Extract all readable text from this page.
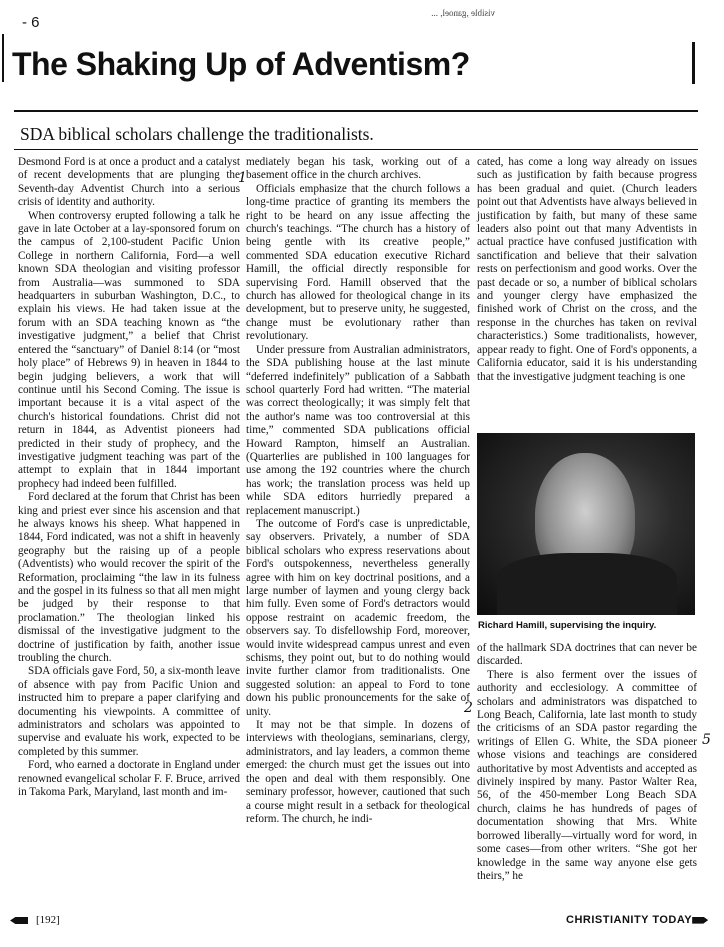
- 6
visible ,ganoel, ...
The Shaking Up of Adventism?
SDA biblical scholars challenge the traditionalists.

Desmond Ford is at once a product and a catalyst of recent developments that are plunging the Seventh-day Adventist Church into a serious crisis of identity and authority.

When controversy erupted following a talk he gave in late October at a lay-sponsored forum on the campus of 2,100-student Pacific Union College in northern California, Ford—a well known SDA theologian and visiting professor from Australia—was summoned to SDA headquarters in suburban Washington, D.C., to explain his views. He had taken issue at the forum with an SDA teaching known as “the investigative judgment,” a belief that Christ entered the “sanctuary” of Daniel 8:14 (or “most holy place” of Hebrews 9) in heaven in 1844 to begin judging believers, a work that will continue until his Second Coming. The issue is important because it is a vital aspect of the church's historical foundations. Christ did not return in 1844, as Adventist pioneers had predicted in their study of prophecy, and the investigative judgment teaching was part of the attempt to explain that in 1844 important prophecy had indeed been fulfilled.

Ford declared at the forum that Christ has been king and priest ever since his ascension and that he always knows his sheep. What happened in 1844, Ford indicated, was not a shift in heavenly geography but the raising up of a people (Adventists) who would recover the spirit of the Reformation, proclaiming “the law in its fulness and the gospel in its fulness so that all men might be judged by their response to that proclamation.” The theologian linked his dismissal of the investigative judgment to the doctrine of justification by faith, another issue troubling the church.

SDA officials gave Ford, 50, a six-month leave of absence with pay from Pacific Union and instructed him to prepare a paper clarifying and documenting his viewpoints. A committee of administrators and scholars was appointed to supervise and evaluate his work, expected to be completed by this summer.

Ford, who earned a doctorate in England under renowned evangelical scholar F. F. Bruce, arrived in Takoma Park, Maryland, last month and im-

mediately began his task, working out of a basement office in the church archives.

Officials emphasize that the church follows a long-time practice of granting its members the right to be heard on any issue affecting the church's teachings. “The church has a history of being gentle with its creative people,” commented SDA education executive Richard Hamill, the official directly responsible for supervising Ford. Hamill observed that the church has allowed for theological change in its development, but to preserve unity, he suggested, change must be evolutionary rather than revolutionary.

Under pressure from Australian administrators, the SDA publishing house at the last minute “deferred indefinitely” publication of a Sabbath school quarterly Ford had written. “The material was correct theologically; it was simply felt that the author's name was too controversial at this time,” commented SDA publications official Howard Rampton, himself an Australian. (Quarterlies are published in 100 languages for use among the 192 countries where the church has work; the translation process was held up while SDA editors hurriedly prepared a replacement manuscript.)

The outcome of Ford's case is unpredictable, say observers. Privately, a number of SDA biblical scholars who express reservations about Ford's outspokenness, nevertheless generally agree with him on key doctrinal positions, and a large number of laymen and young clergy back him fully. Even some of Ford's detractors would oppose restraint on academic freedom, the observers say. To disfellowship Ford, moreover, would invite widespread campus unrest and even schisms, they point out, but to do nothing would invite further clamor from traditionalists. One suggested solution: an appeal to Ford to tone down his public pronouncements for the sake of unity.

It may not be that simple. In dozens of interviews with theologians, seminarians, clergy, administrators, and lay leaders, a common theme emerged: the church must get the issues out into the open and deal with them responsibly. One seminary professor, however, cautioned that such a course might result in a setback for theological reform. The church, he indi-

cated, has come a long way already on issues such as justification by faith because progress has been gradual and quiet. (Church leaders point out that Adventists have always believed in justification by faith, but many of these same leaders also point out that many Adventists in actual practice have confused justification with sanctification and believe that their salvation rests on perfectionism and good works. Over the past decade or so, a number of biblical scholars and younger clergy have emphasized the finished work of Christ on the cross, and the response in the churches has taken on revival characteristics.) Some traditionalists, however, appear ready to fight. One of Ford's opponents, a California educator, said it is his understanding that the investigative judgment teaching is one

Richard Hamill, supervising the inquiry.

of the hallmark SDA doctrines that can never be discarded.

There is also ferment over the issues of authority and ecclesiology. A committee of scholars and administrators was dispatched to Long Beach, California, late last month to study the criticisms of an SDA pastor regarding the writings of Ellen G. White, the SDA pioneer whose visions and teachings are considered authoritative by most Adventists and accepted as divinely inspired by many. Pastor Walter Rea, 56, of the 450-member Long Beach SDA church, claims he has hundreds of pages of documentation showing that Mrs. White borrowed liberally—virtually word for word, in some cases—from other writers. “She got her knowledge in the same way anyone else gets theirs,” he

1
2
5
[192]	CHRISTIANITY TODAY
